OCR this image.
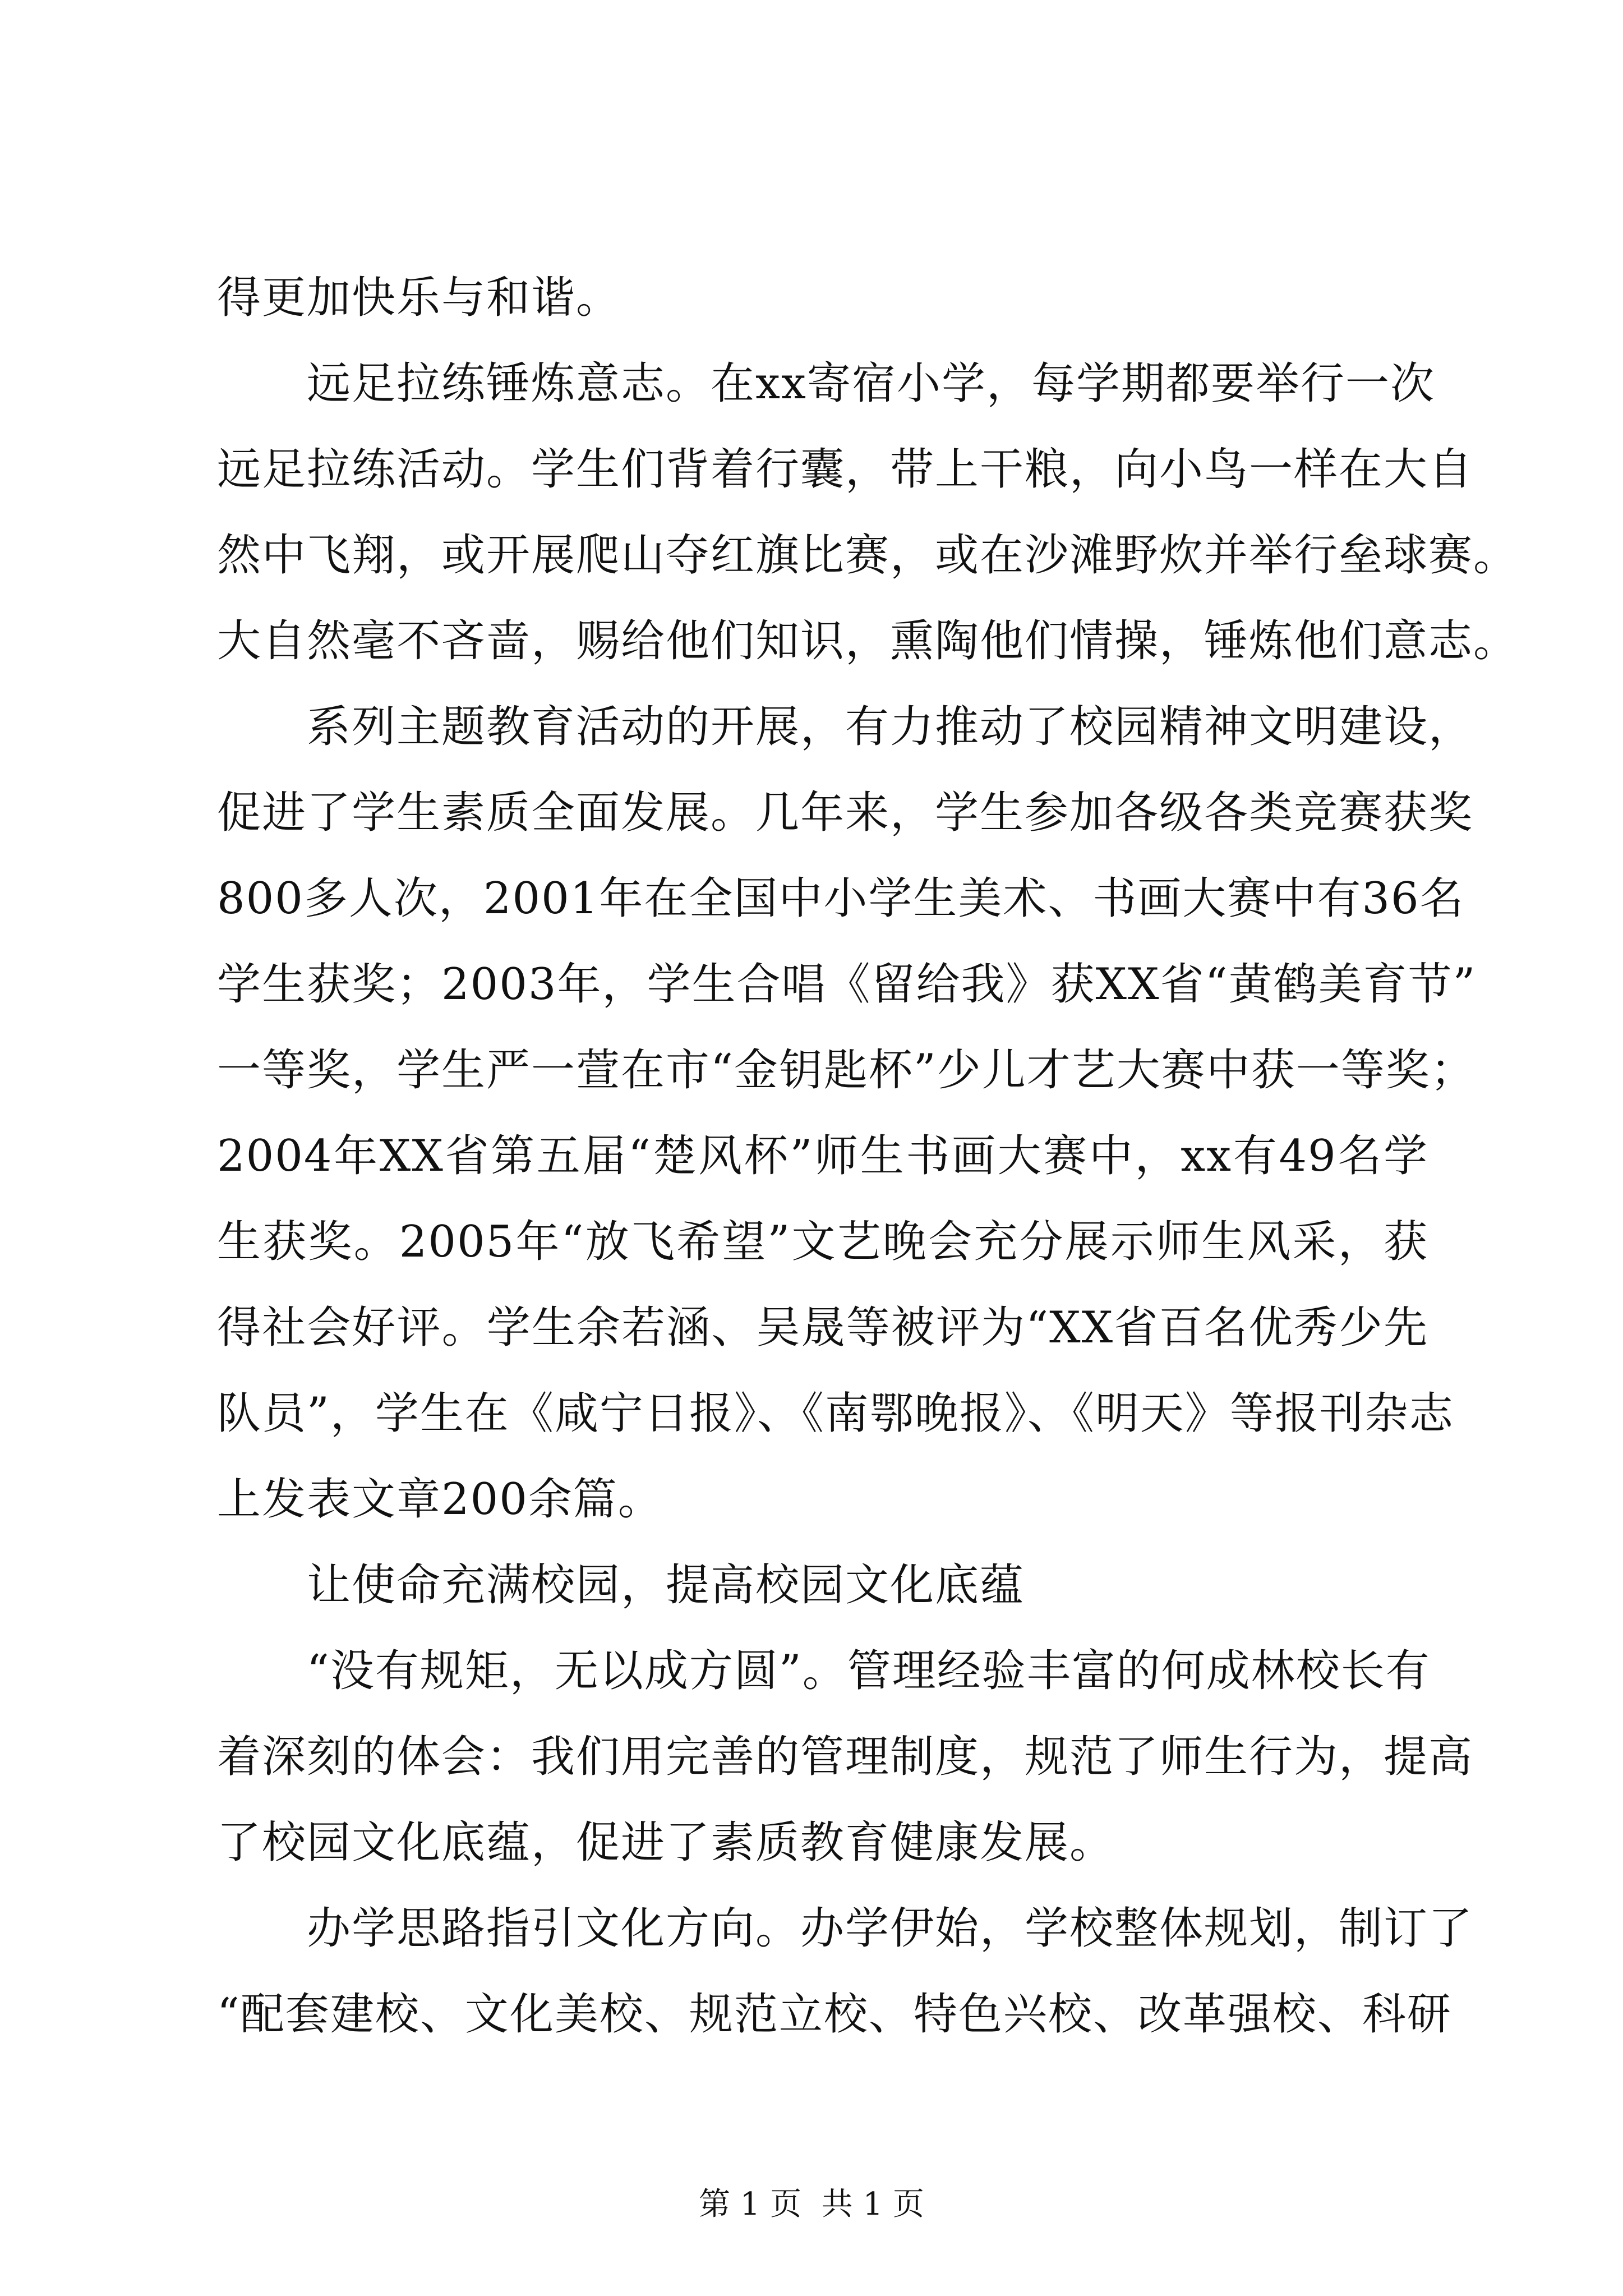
得更加快乐与和谐。
　　远足拉练锤炼意志。在xx寄宿小学，每学期都要举行一次
远足拉练活动。学生们背着行囊，带上干粮，向小鸟一样在大自
然中飞翔，或开展爬山夺红旗比赛，或在沙滩野炊并举行垒球赛。
大自然毫不吝啬，赐给他们知识，熏陶他们情操，锤炼他们意志。
　　系列主题教育活动的开展，有力推动了校园精神文明建设，
促进了学生素质全面发展。几年来，学生参加各级各类竞赛获奖
800多人次，2001年在全国中小学生美术、书画大赛中有36名
学生获奖；2003年，学生合唱《留给我》获XX省“黄鹤美育节”
一等奖，学生严一萱在市“金钥匙杯”少儿才艺大赛中获一等奖；
2004年XX省第五届“楚风杯”师生书画大赛中，xx有49名学
生获奖。2005年“放飞希望”文艺晚会充分展示师生风采，获
得社会好评。学生余若涵、吴晟等被评为“XX省百名优秀少先
队员”，学生在《咸宁日报》、《南鄂晚报》、《明天》等报刊杂志
上发表文章200余篇。
　　让使命充满校园，提高校园文化底蕴
　　“没有规矩，无以成方圆”。管理经验丰富的何成林校长有
着深刻的体会：我们用完善的管理制度，规范了师生行为，提高
了校园文化底蕴，促进了素质教育健康发展。
　　办学思路指引文化方向。办学伊始，学校整体规划，制订了
“配套建校、文化美校、规范立校、特色兴校、改革强校、科研
第 1 页  共 1 页
